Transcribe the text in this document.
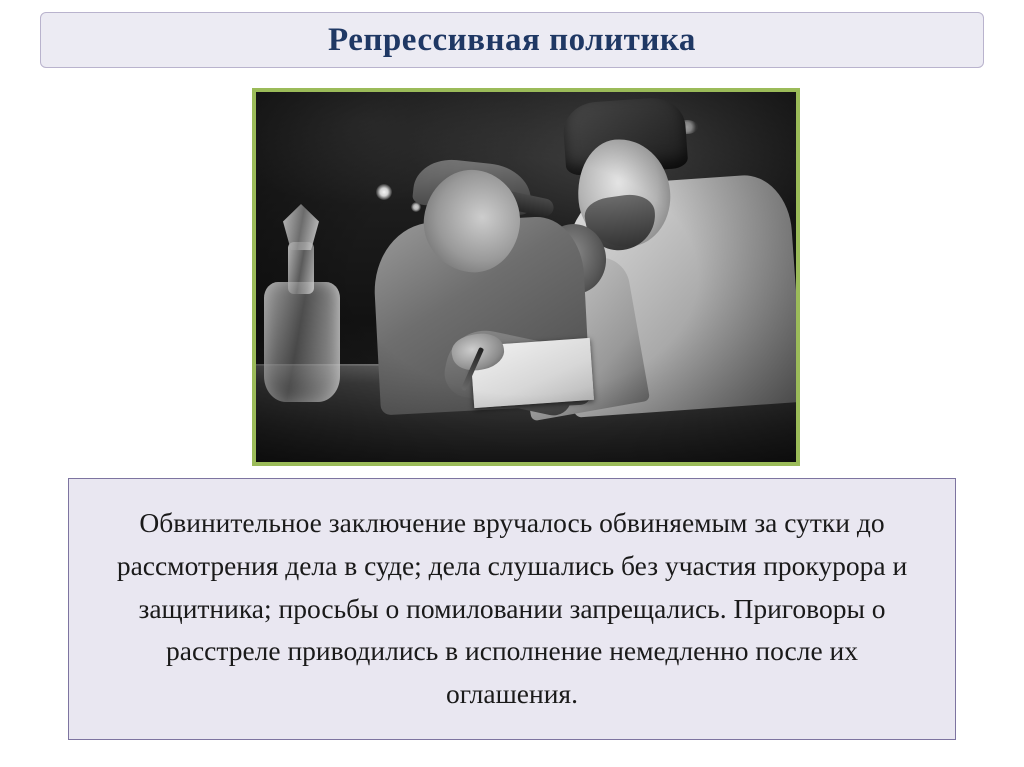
Репрессивная политика

Обвинительное заключение вручалось обвиняемым за сутки до рассмотрения дела в суде; дела слушались без участия прокурора и защитника; просьбы о помиловании запрещались. Приговоры о расстреле приводились в исполнение немедленно после их оглашения.
